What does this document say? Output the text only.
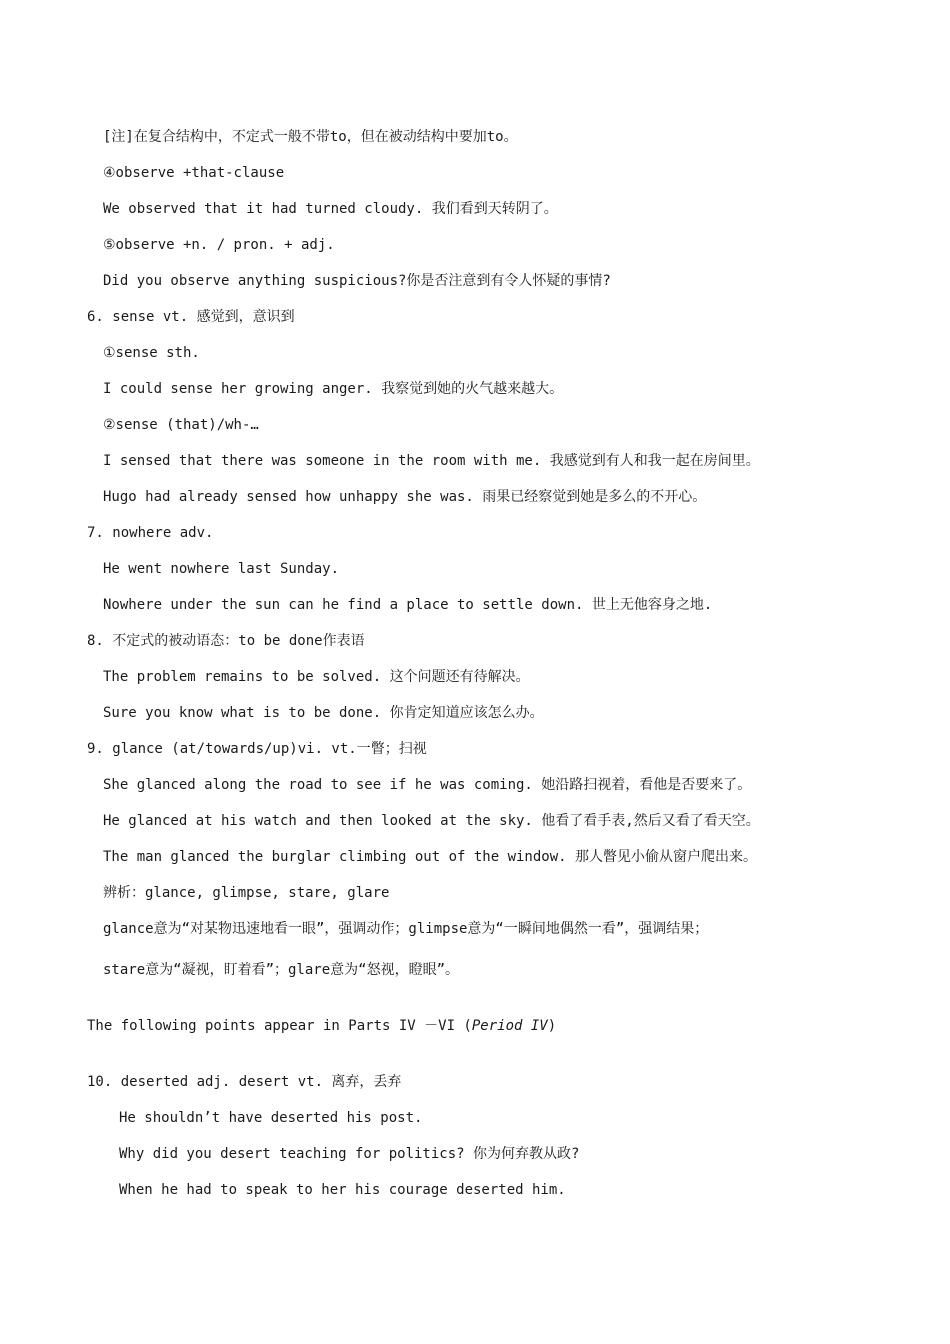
[注]在复合结构中，不定式一般不带to，但在被动结构中要加to。
④observe +that-clause
We observed that it had turned cloudy. 我们看到天转阴了。
⑤observe +n. / pron. + adj.
Did you observe anything suspicious?你是否注意到有令人怀疑的事情?
6. sense vt. 感觉到，意识到
①sense sth.
I could sense her growing anger. 我察觉到她的火气越来越大。
②sense (that)/wh-…
I sensed that there was someone in the room with me. 我感觉到有人和我一起在房间里。
Hugo had already sensed how unhappy she was. 雨果已经察觉到她是多么的不开心。
7. nowhere adv.
He went nowhere last Sunday.
Nowhere under the sun can he find a place to settle down. 世上无他容身之地.
8. 不定式的被动语态：to be done作表语
The problem remains to be solved. 这个问题还有待解决。
Sure you know what is to be done. 你肯定知道应该怎么办。
9. glance (at/towards/up)vi. vt.一瞥；扫视
She glanced along the road to see if he was coming. 她沿路扫视着，看他是否要来了。
He glanced at his watch and then looked at the sky. 他看了看手表,然后又看了看天空。
The man glanced the burglar climbing out of the window. 那人瞥见小偷从窗户爬出来。
辨析：glance, glimpse, stare, glare
glance意为“对某物迅速地看一眼”，强调动作；glimpse意为“一瞬间地偶然一看”，强调结果；
stare意为“凝视，盯着看”；glare意为“怒视，瞪眼”。
The following points appear in Parts IV －VI (Period IV)
10. deserted adj. desert vt. 离弃，丢弃
He shouldn’t have deserted his post.
Why did you desert teaching for politics? 你为何弃教从政?
When he had to speak to her his courage deserted him.
